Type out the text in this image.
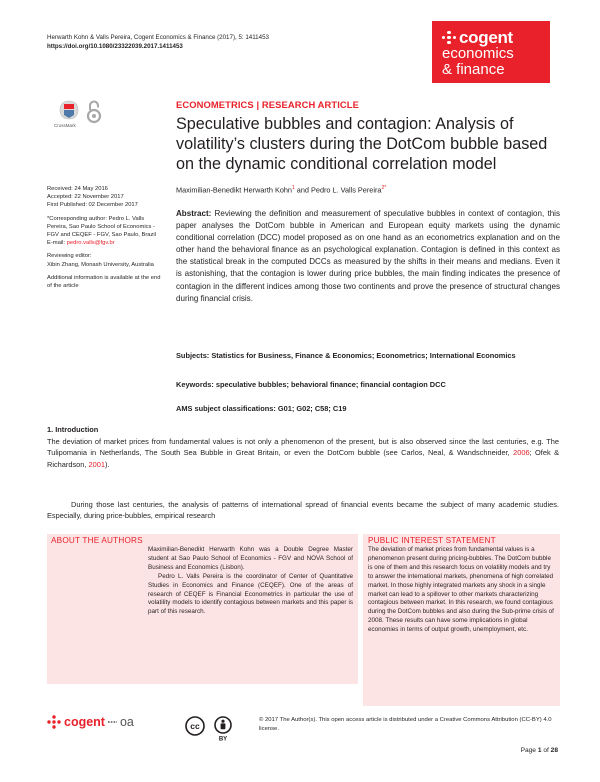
Herwarth Kohn & Valls Pereira, Cogent Economics & Finance (2017), 5: 1411453
https://doi.org/10.1080/23322039.2017.1411453	cogent
economics
& finance
CrossMark
ECONOMETRICS | RESEARCH ARTICLE
Speculative bubbles and contagion: Analysis of volatility’s clusters during the DotCom bubble based on the dynamic conditional correlation model
Maximilian-Benedikt Herwarth Kohn$^1$ and Pedro L. Valls Pereira$^{2*}$
Received: 24 May 2016
Accepted: 22 November 2017
First Published: 02 December 2017
*Corresponding author: Pedro L. Valls Pereira, Sao Paulo School of Economics - FGV and CEQEF - FGV, Sao Paulo, Brazil
E-mail: pedro.valls@fgv.br
Reviewing editor:
Xibin Zhang, Monash University, Australia
Additional information is available at the end of the article
Abstract: Reviewing the definition and measurement of speculative bubbles in context of contagion, this paper analyses the DotCom bubble in American and European equity markets using the dynamic conditional correlation (DCC) model proposed as on one hand as an econometrics explanation and on the other hand the behavioral finance as an psychological explanation. Contagion is defined in this context as the statistical break in the computed DCCs as measured by the shifts in their means and medians. Even it is astonishing, that the contagion is lower during price bubbles, the main finding indicates the presence of contagion in the different indices among those two continents and prove the presence of structural changes during financial crisis.
Subjects: Statistics for Business, Finance & Economics; Econometrics; International Economics
Keywords: speculative bubbles; behavioral finance; financial contagion DCC
AMS subject classifications: G01; G02; C58; C19
1. Introduction
The deviation of market prices from fundamental values is not only a phenomenon of the present, but is also observed since the last centuries, e.g. The Tulipomania in Netherlands, The South Sea Bubble in Great Britain, or even the DotCom bubble (see Carlos, Neal, & Wandschneider, 2006; Ofek & Richardson, 2001).
During those last centuries, the analysis of patterns of international spread of financial events became the subject of many academic studies. Especially, during price-bubbles, empirical research
ABOUT THE AUTHORS

Maximilian-Benedikt Herwarth Kohn was a Double Degree Master student at Sao Paulo School of Economics - FGV and NOVA School of Business and Economics (Lisbon).

Pedro L. Valls Pereira is the coordinator of Center of Quantitative Studies in Economics and Finance (CEQEF). One of the areas of research of CEQEF is Financial Econometrics in particular the use of volatility models to identify contagious between markets and this paper is part of this research.

PUBLIC INTEREST STATEMENT
The deviation of market prices from fundamental values is a phenomenon present during pricing-bubbles. The DotCom bubble is one of them and this research focus on volatility models and try to answer the international markets, phenomena of high correlated market. In those highly integrated markets any shock in a single market can lead to a spillover to other markets characterizing contagious between market. In this research, we found contagious during the DotCom bubbles and also during the Sub-prime crisis of 2008. These results can have some implications in global economies in terms of output growth, unemployment, etc.
cogent oa	cc
BY
© 2017 The Author(s). This open access article is distributed under a Creative Commons Attribution (CC-BY) 4.0 license.
Page 1 of 28
